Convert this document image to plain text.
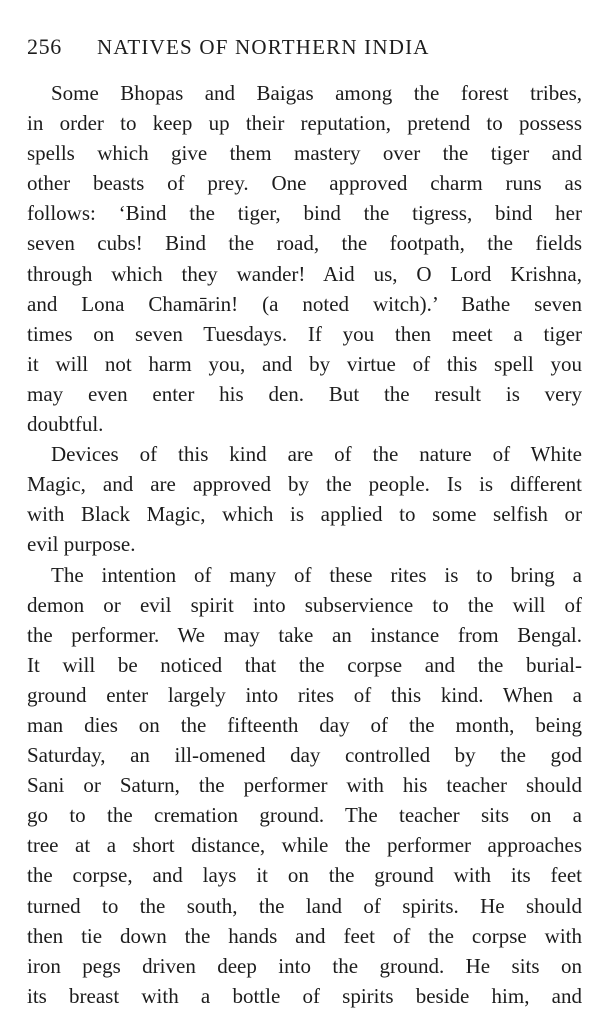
256 NATIVES OF NORTHERN INDIA
Some Bhopas and Baigas among the forest tribes,
in order to keep up their reputation, pretend to possess
spells which give them mastery over the tiger and
other beasts of prey. One approved charm runs as
follows: ‘Bind the tiger, bind the tigress, bind her
seven cubs! Bind the road, the footpath, the fields
through which they wander! Aid us, O Lord Krishna,
and Lona Chamārin! (a noted witch).’ Bathe seven
times on seven Tuesdays. If you then meet a tiger
it will not harm you, and by virtue of this spell you
may even enter his den. But the result is very
doubtful.
Devices of this kind are of the nature of White
Magic, and are approved by the people. Is is different
with Black Magic, which is applied to some selfish or
evil purpose.
The intention of many of these rites is to bring a
demon or evil spirit into subservience to the will of
the performer. We may take an instance from Bengal.
It will be noticed that the corpse and the burial-
ground enter largely into rites of this kind. When a
man dies on the fifteenth day of the month, being
Saturday, an ill-omened day controlled by the god
Sani or Saturn, the performer with his teacher should
go to the cremation ground. The teacher sits on a
tree at a short distance, while the performer approaches
the corpse, and lays it on the ground with its feet
turned to the south, the land of spirits. He should
then tie down the hands and feet of the corpse with
iron pegs driven deep into the ground. He sits on
its breast with a bottle of spirits beside him, and
